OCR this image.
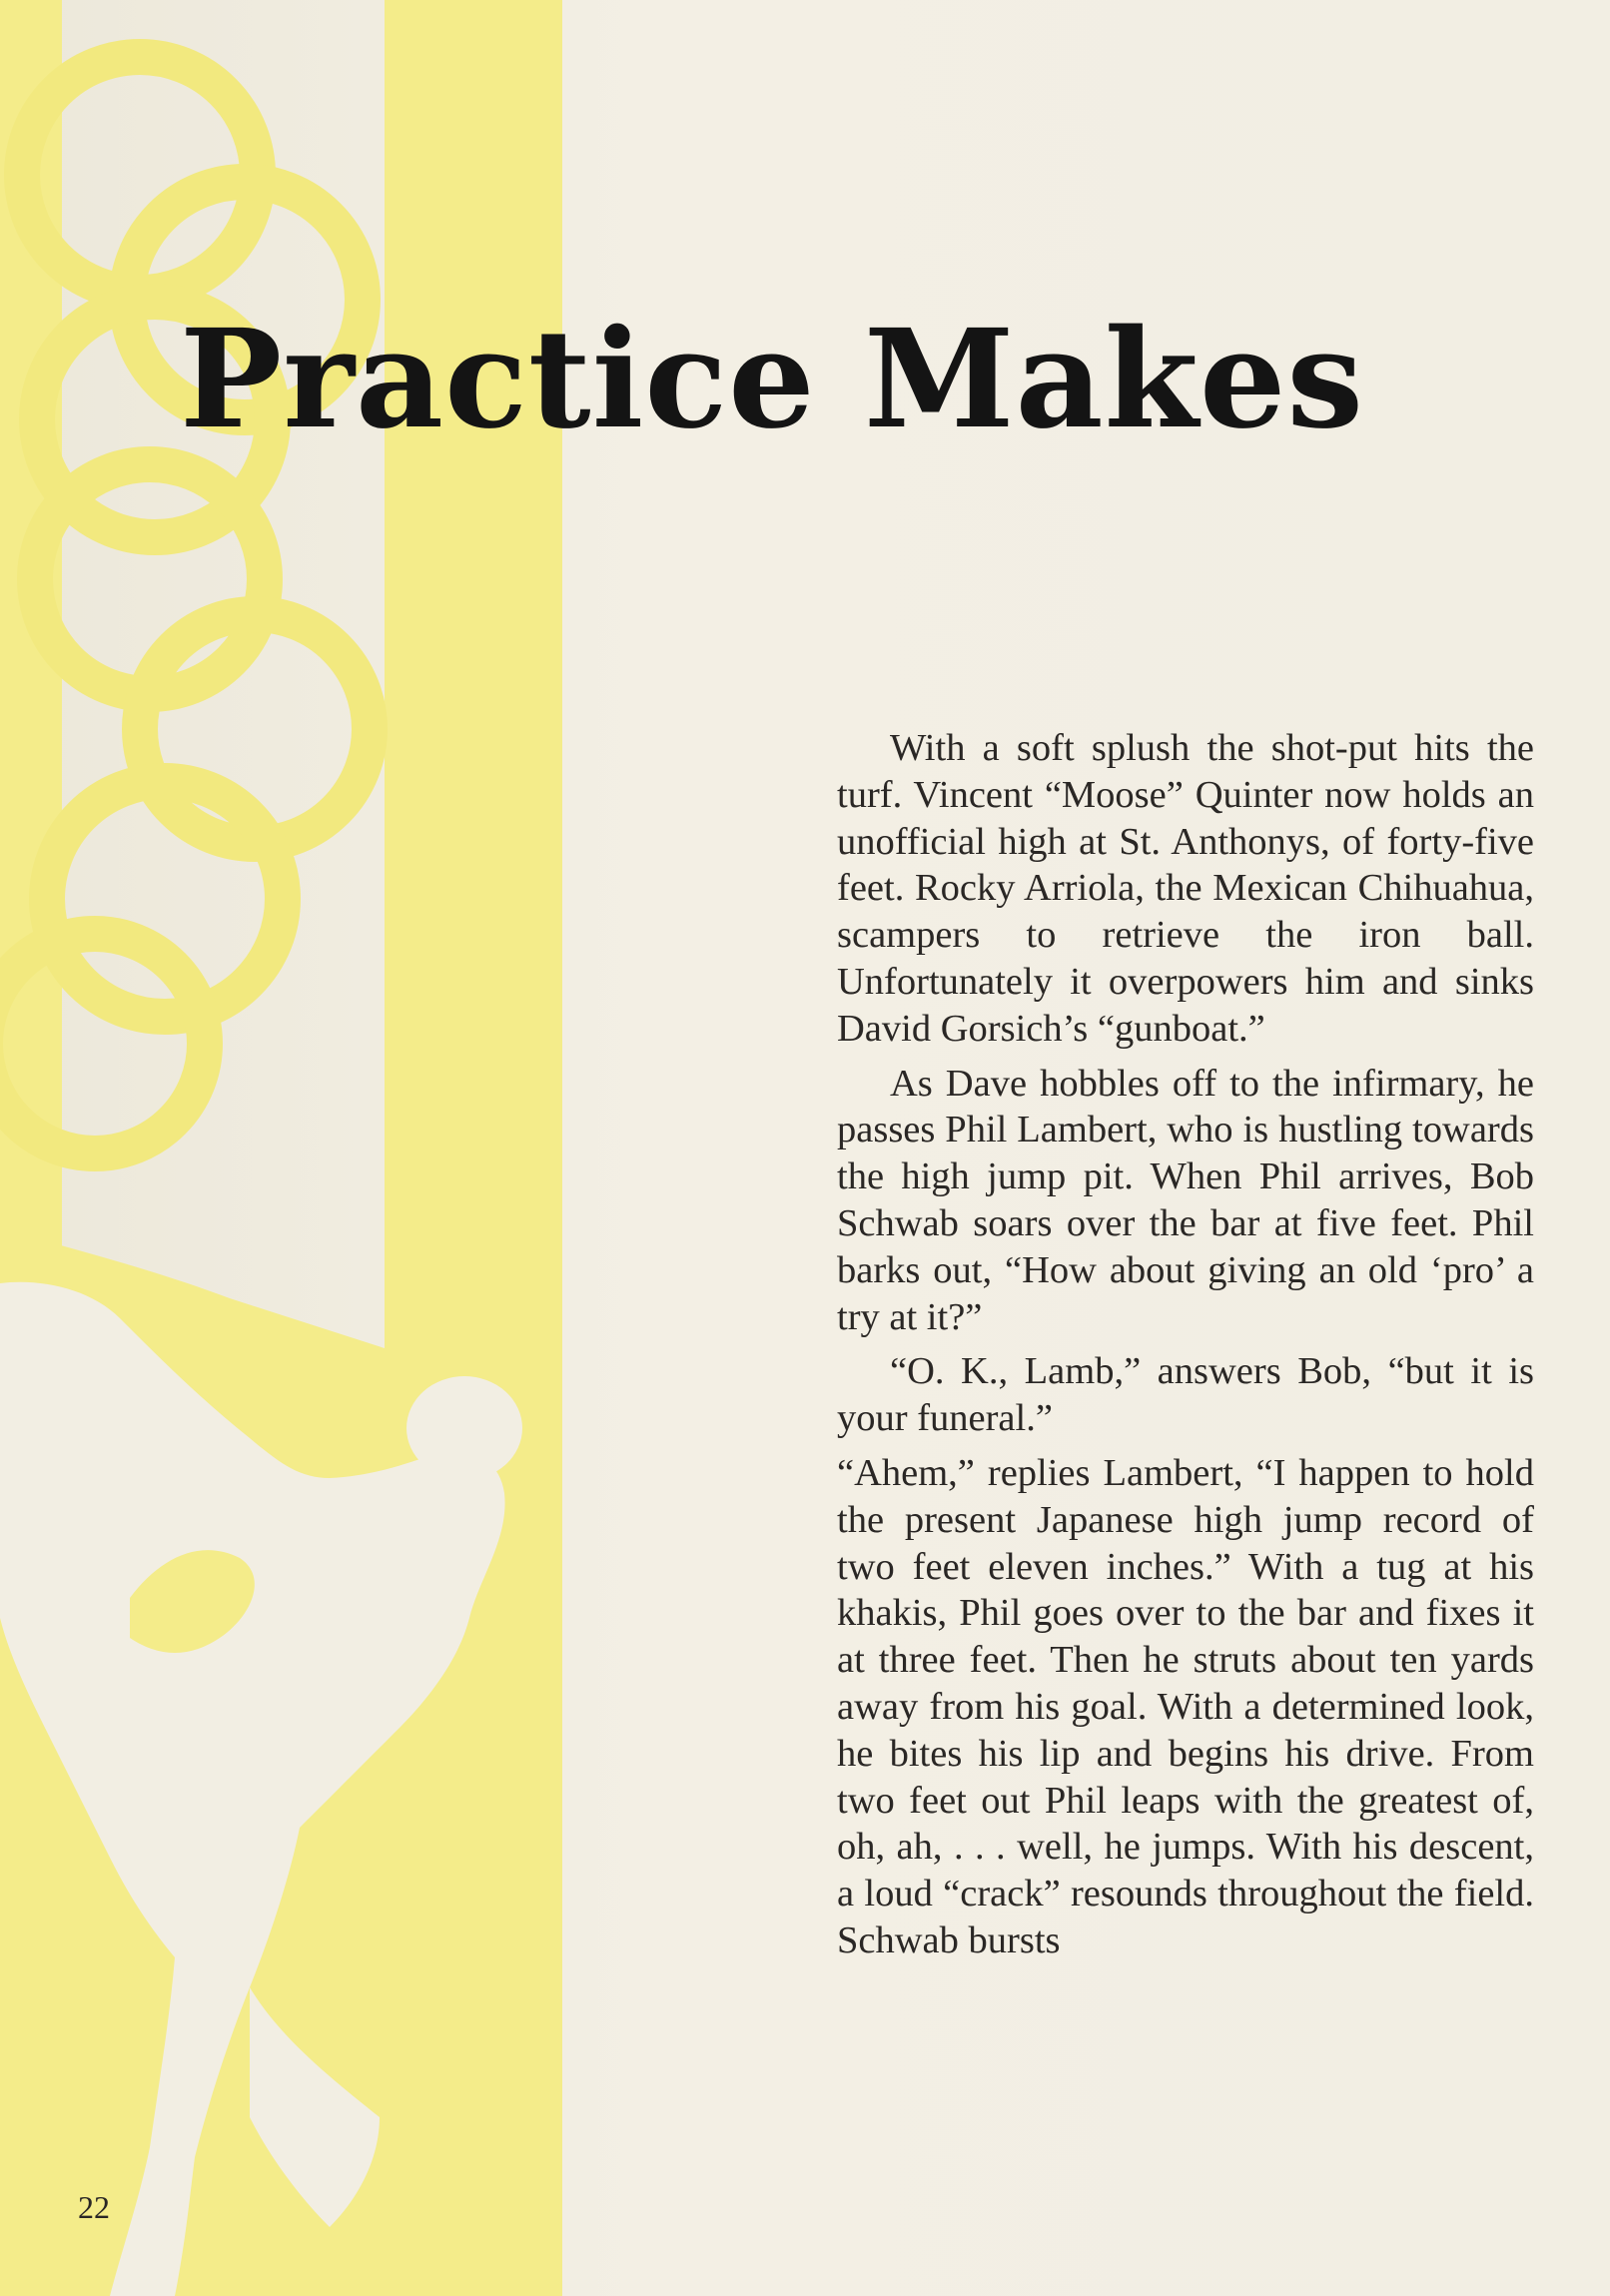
Practice Makes

With a soft splush the shot-put hits the turf. Vincent “Moose” Quinter now holds an unofficial high at St. Anthonys, of forty-five feet. Rocky Arriola, the Mexican Chihuahua, scampers to retrieve the iron ball. Unfortunately it overpowers him and sinks David Gorsich’s “gunboat.”

As Dave hobbles off to the infirmary, he passes Phil Lambert, who is hustling towards the high jump pit. When Phil arrives, Bob Schwab soars over the bar at five feet. Phil barks out, “How about giving an old ‘pro’ a try at it?”

“O. K., Lamb,” answers Bob, “but it is your funeral.”

“Ahem,” replies Lambert, “I happen to hold the present Japanese high jump record of two feet eleven inches.” With a tug at his khakis, Phil goes over to the bar and fixes it at three feet. Then he struts about ten yards away from his goal. With a determined look, he bites his lip and begins his drive. From two feet out Phil leaps with the greatest of, oh, ah, . . . well, he jumps. With his descent, a loud “crack” resounds throughout the field. Schwab bursts

22
